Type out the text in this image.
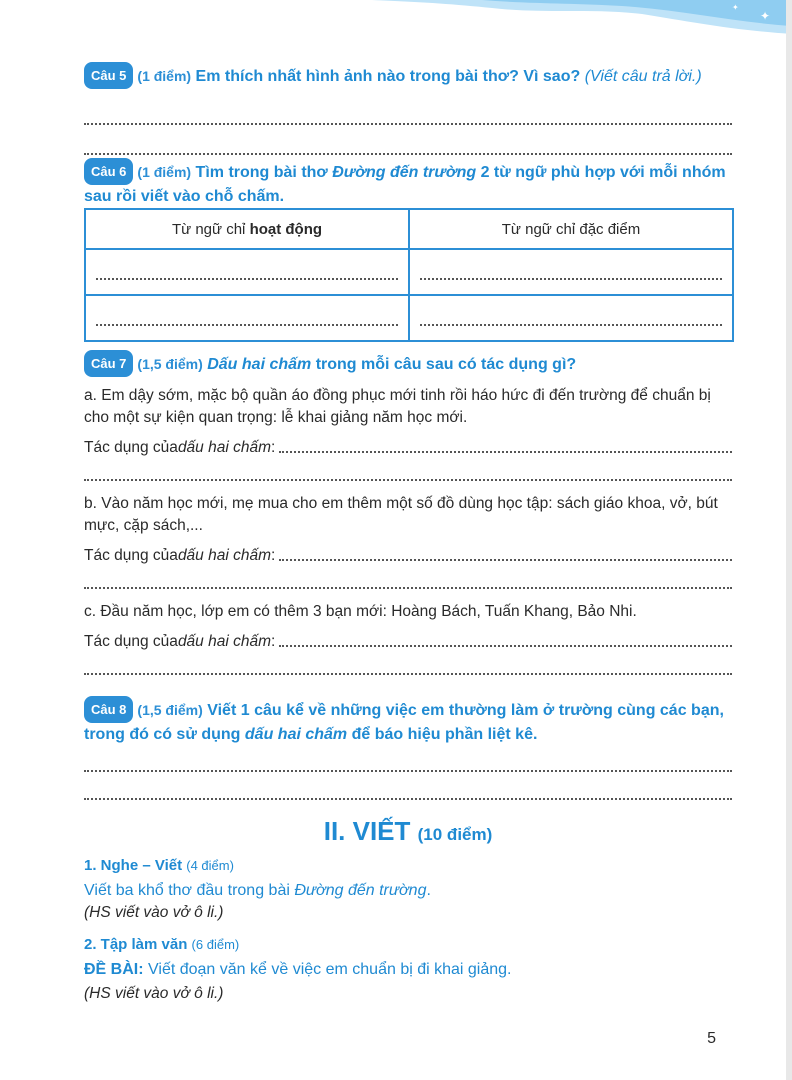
✦
✦
Câu 5 (1 điểm) Em thích nhất hình ảnh nào trong bài thơ? Vì sao? (Viết câu trả lời.)
Câu 6 (1 điểm) Tìm trong bài thơ Đường đến trường 2 từ ngữ phù hợp với mỗi nhóm sau rồi viết vào chỗ chấm.
Từ ngữ chỉ hoạt động	Từ ngữ chỉ đặc điểm

Câu 7 (1,5 điểm) Dấu hai chấm trong mỗi câu sau có tác dụng gì?
a. Em dậy sớm, mặc bộ quần áo đồng phục mới tinh rồi háo hức đi đến trường để chuẩn bị cho một sự kiện quan trọng: lễ khai giảng năm học mới.
Tác dụng của dấu hai chấm :
b. Vào năm học mới, mẹ mua cho em thêm một số đồ dùng học tập: sách giáo khoa, vở, bút mực, cặp sách,...
Tác dụng của dấu hai chấm :
c. Đầu năm học, lớp em có thêm 3 bạn mới: Hoàng Bách, Tuấn Khang, Bảo Nhi.
Tác dụng của dấu hai chấm :
Câu 8 (1,5 điểm) Viết 1 câu kể về những việc em thường làm ở trường cùng các bạn, trong đó có sử dụng dấu hai chấm để báo hiệu phần liệt kê.
II. VIẾT (10 điểm)
1. Nghe – Viết (4 điểm)
Viết ba khổ thơ đầu trong bài Đường đến trường.
(HS viết vào vở ô li.)
2. Tập làm văn (6 điểm)
ĐỀ BÀI: Viết đoạn văn kể về việc em chuẩn bị đi khai giảng.
(HS viết vào vở ô li.)
5
